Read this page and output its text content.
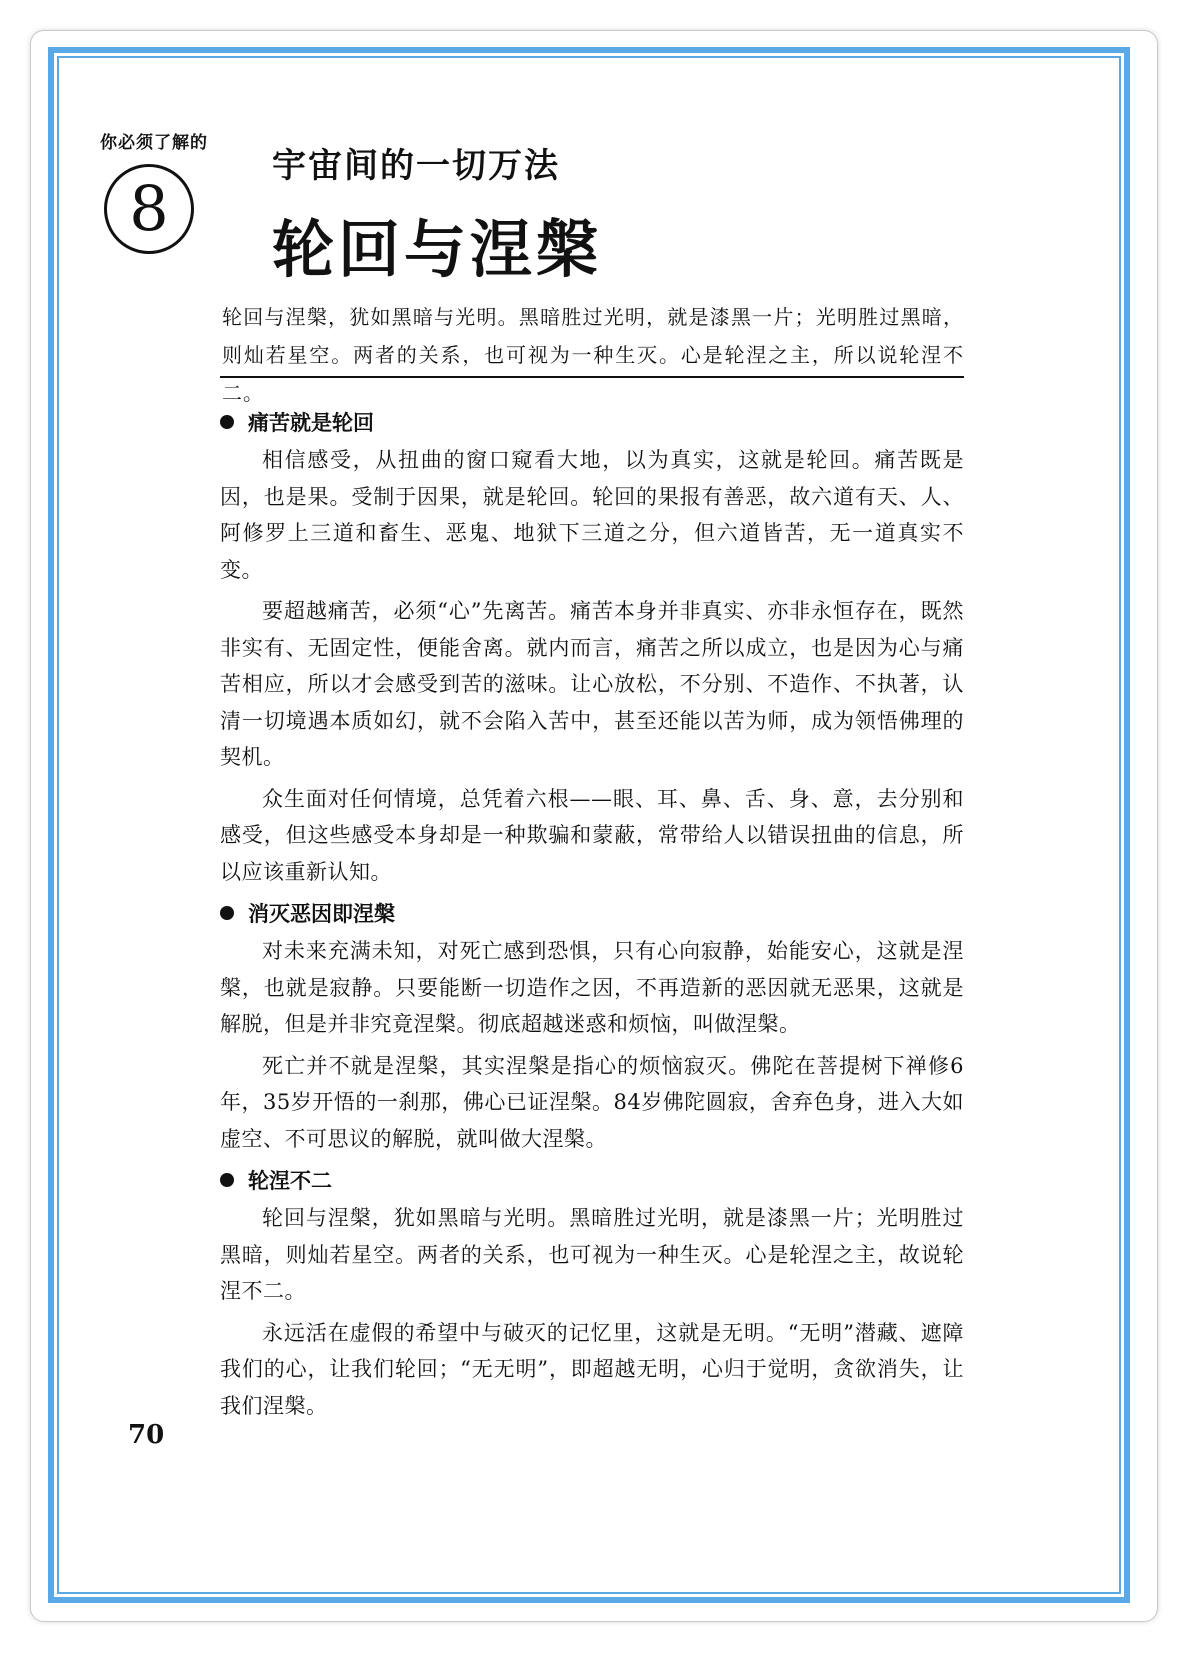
你必须了解的
8
宇宙间的一切万法
轮回与涅槃
轮回与涅槃，犹如黑暗与光明。黑暗胜过光明，就是漆黑一片；光明胜过黑暗，则灿若星空。两者的关系，也可视为一种生灭。心是轮涅之主，所以说轮涅不二。
痛苦就是轮回

相信感受，从扭曲的窗口窥看大地，以为真实，这就是轮回。痛苦既是因，也是果。受制于因果，就是轮回。轮回的果报有善恶，故六道有天、人、阿修罗上三道和畜生、恶鬼、地狱下三道之分，但六道皆苦，无一道真实不变。

要超越痛苦，必须“心”先离苦。痛苦本身并非真实、亦非永恒存在，既然非实有、无固定性，便能舍离。就内而言，痛苦之所以成立，也是因为心与痛苦相应，所以才会感受到苦的滋味。让心放松，不分别、不造作、不执著，认清一切境遇本质如幻，就不会陷入苦中，甚至还能以苦为师，成为领悟佛理的契机。

众生面对任何情境，总凭着六根——眼、耳、鼻、舌、身、意，去分别和感受，但这些感受本身却是一种欺骗和蒙蔽，常带给人以错误扭曲的信息，所以应该重新认知。

消灭恶因即涅槃

对未来充满未知，对死亡感到恐惧，只有心向寂静，始能安心，这就是涅槃，也就是寂静。只要能断一切造作之因，不再造新的恶因就无恶果，这就是解脱，但是并非究竟涅槃。彻底超越迷惑和烦恼，叫做涅槃。

死亡并不就是涅槃，其实涅槃是指心的烦恼寂灭。佛陀在菩提树下禅修6年，35岁开悟的一刹那，佛心已证涅槃。84岁佛陀圆寂，舍弃色身，进入大如虚空、不可思议的解脱，就叫做大涅槃。

轮涅不二

轮回与涅槃，犹如黑暗与光明。黑暗胜过光明，就是漆黑一片；光明胜过黑暗，则灿若星空。两者的关系，也可视为一种生灭。心是轮涅之主，故说轮涅不二。

永远活在虚假的希望中与破灭的记忆里，这就是无明。“无明”潜藏、遮障我们的心，让我们轮回；“无无明”，即超越无明，心归于觉明，贪欲消失，让我们涅槃。

70
